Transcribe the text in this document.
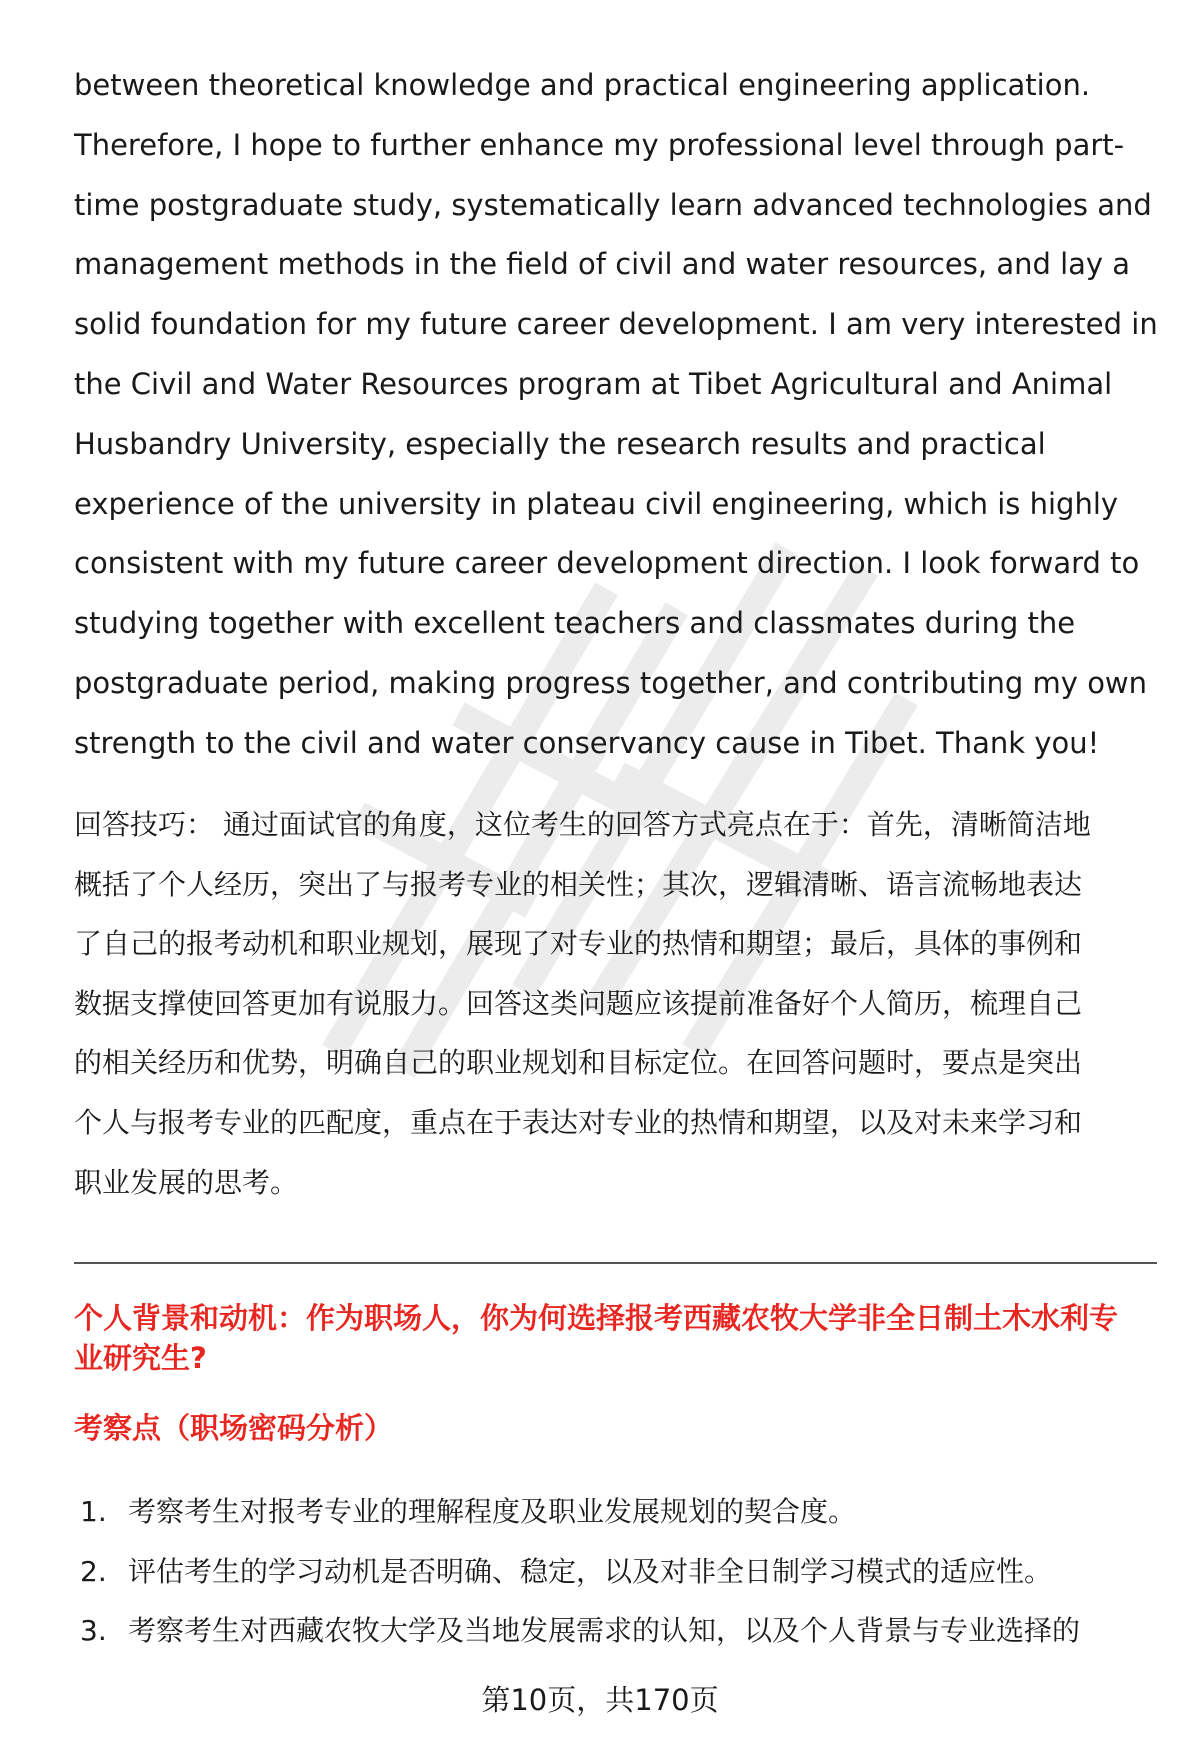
between theoretical knowledge and practical engineering application.
Therefore, I hope to further enhance my professional level through part-
time postgraduate study, systematically learn advanced technologies and
management methods in the field of civil and water resources, and lay a
solid foundation for my future career development. I am very interested in
the Civil and Water Resources program at Tibet Agricultural and Animal
Husbandry University, especially the research results and practical
experience of the university in plateau civil engineering, which is highly
consistent with my future career development direction. I look forward to
studying together with excellent teachers and classmates during the
postgraduate period, making progress together, and contributing my own
strength to the civil and water conservancy cause in Tibet. Thank you!

回答技巧： 通过面试官的角度，这位考生的回答方式亮点在于：首先，清晰简洁地
概括了个人经历，突出了与报考专业的相关性；其次，逻辑清晰、语言流畅地表达
了自己的报考动机和职业规划，展现了对专业的热情和期望；最后，具体的事例和
数据支撑使回答更加有说服力。回答这类问题应该提前准备好个人简历，梳理自己
的相关经历和优势，明确自己的职业规划和目标定位。在回答问题时，要点是突出
个人与报考专业的匹配度，重点在于表达对专业的热情和期望，以及对未来学习和
职业发展的思考。

个人背景和动机：作为职场人，你为何选择报考西藏农牧大学非全日制土木水利专
业研究生?
考察点（职场密码分析）
1. 考察考生对报考专业的理解程度及职业发展规划的契合度。
2. 评估考生的学习动机是否明确、稳定，以及对非全日制学习模式的适应性。
3. 考察考生对西藏农牧大学及当地发展需求的认知，以及个人背景与专业选择的

第10页，共170页
